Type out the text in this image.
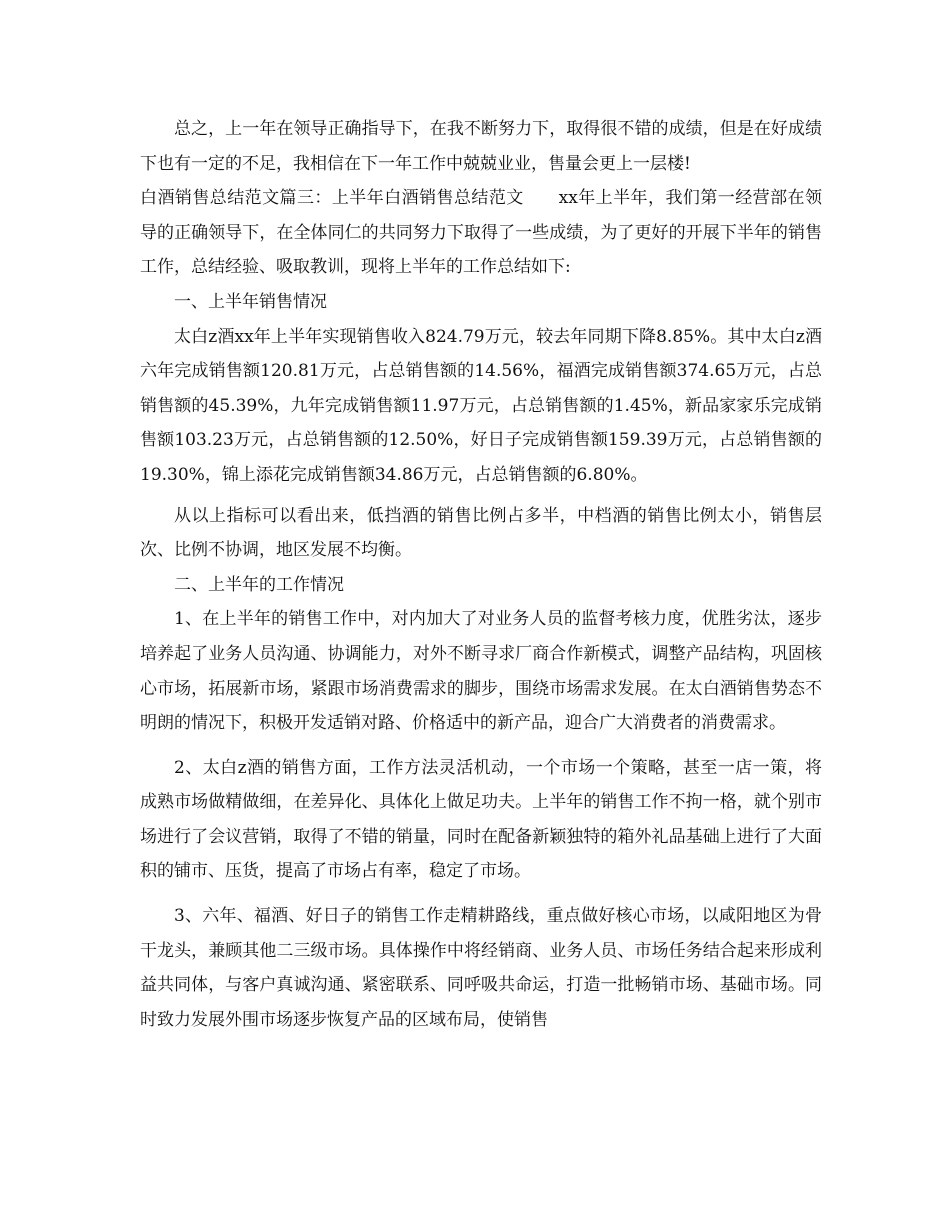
总之，上一年在领导正确指导下，在我不断努力下，取得很不错的成绩，但是在好成绩下也有一定的不足，我相信在下一年工作中兢兢业业，售量会更上一层楼!

白酒销售总结范文篇三：上半年白酒销售总结范文　　xx年上半年，我们第一经营部在领导的正确领导下，在全体同仁的共同努力下取得了一些成绩，为了更好的开展下半年的销售工作，总结经验、吸取教训，现将上半年的工作总结如下:

一、上半年销售情况

太白z酒xx年上半年实现销售收入824.79万元，较去年同期下降8.85%。其中太白z酒六年完成销售额120.81万元，占总销售额的14.56%，福酒完成销售额374.65万元，占总销售额的45.39%，九年完成销售额11.97万元，占总销售额的1.45%，新品家家乐完成销售额103.23万元，占总销售额的12.50%，好日子完成销售额159.39万元，占总销售额的19.30%，锦上添花完成销售额34.86万元，占总销售额的6.80%。

从以上指标可以看出来，低挡酒的销售比例占多半，中档酒的销售比例太小，销售层次、比例不协调，地区发展不均衡。

二、上半年的工作情况

1、在上半年的销售工作中，对内加大了对业务人员的监督考核力度，优胜劣汰，逐步培养起了业务人员沟通、协调能力，对外不断寻求厂商合作新模式，调整产品结构，巩固核心市场，拓展新市场，紧跟市场消费需求的脚步，围绕市场需求发展。在太白酒销售势态不明朗的情况下，积极开发适销对路、价格适中的新产品，迎合广大消费者的消费需求。

2、太白z酒的销售方面，工作方法灵活机动，一个市场一个策略，甚至一店一策，将成熟市场做精做细，在差异化、具体化上做足功夫。上半年的销售工作不拘一格，就个别市场进行了会议营销，取得了不错的销量，同时在配备新颖独特的箱外礼品基础上进行了大面积的铺市、压货，提高了市场占有率，稳定了市场。

3、六年、福酒、好日子的销售工作走精耕路线，重点做好核心市场，以咸阳地区为骨干龙头，兼顾其他二三级市场。具体操作中将经销商、业务人员、市场任务结合起来形成利益共同体，与客户真诚沟通、紧密联系、同呼吸共命运，打造一批畅销市场、基础市场。同时致力发展外围市场逐步恢复产品的区域布局，使销售
